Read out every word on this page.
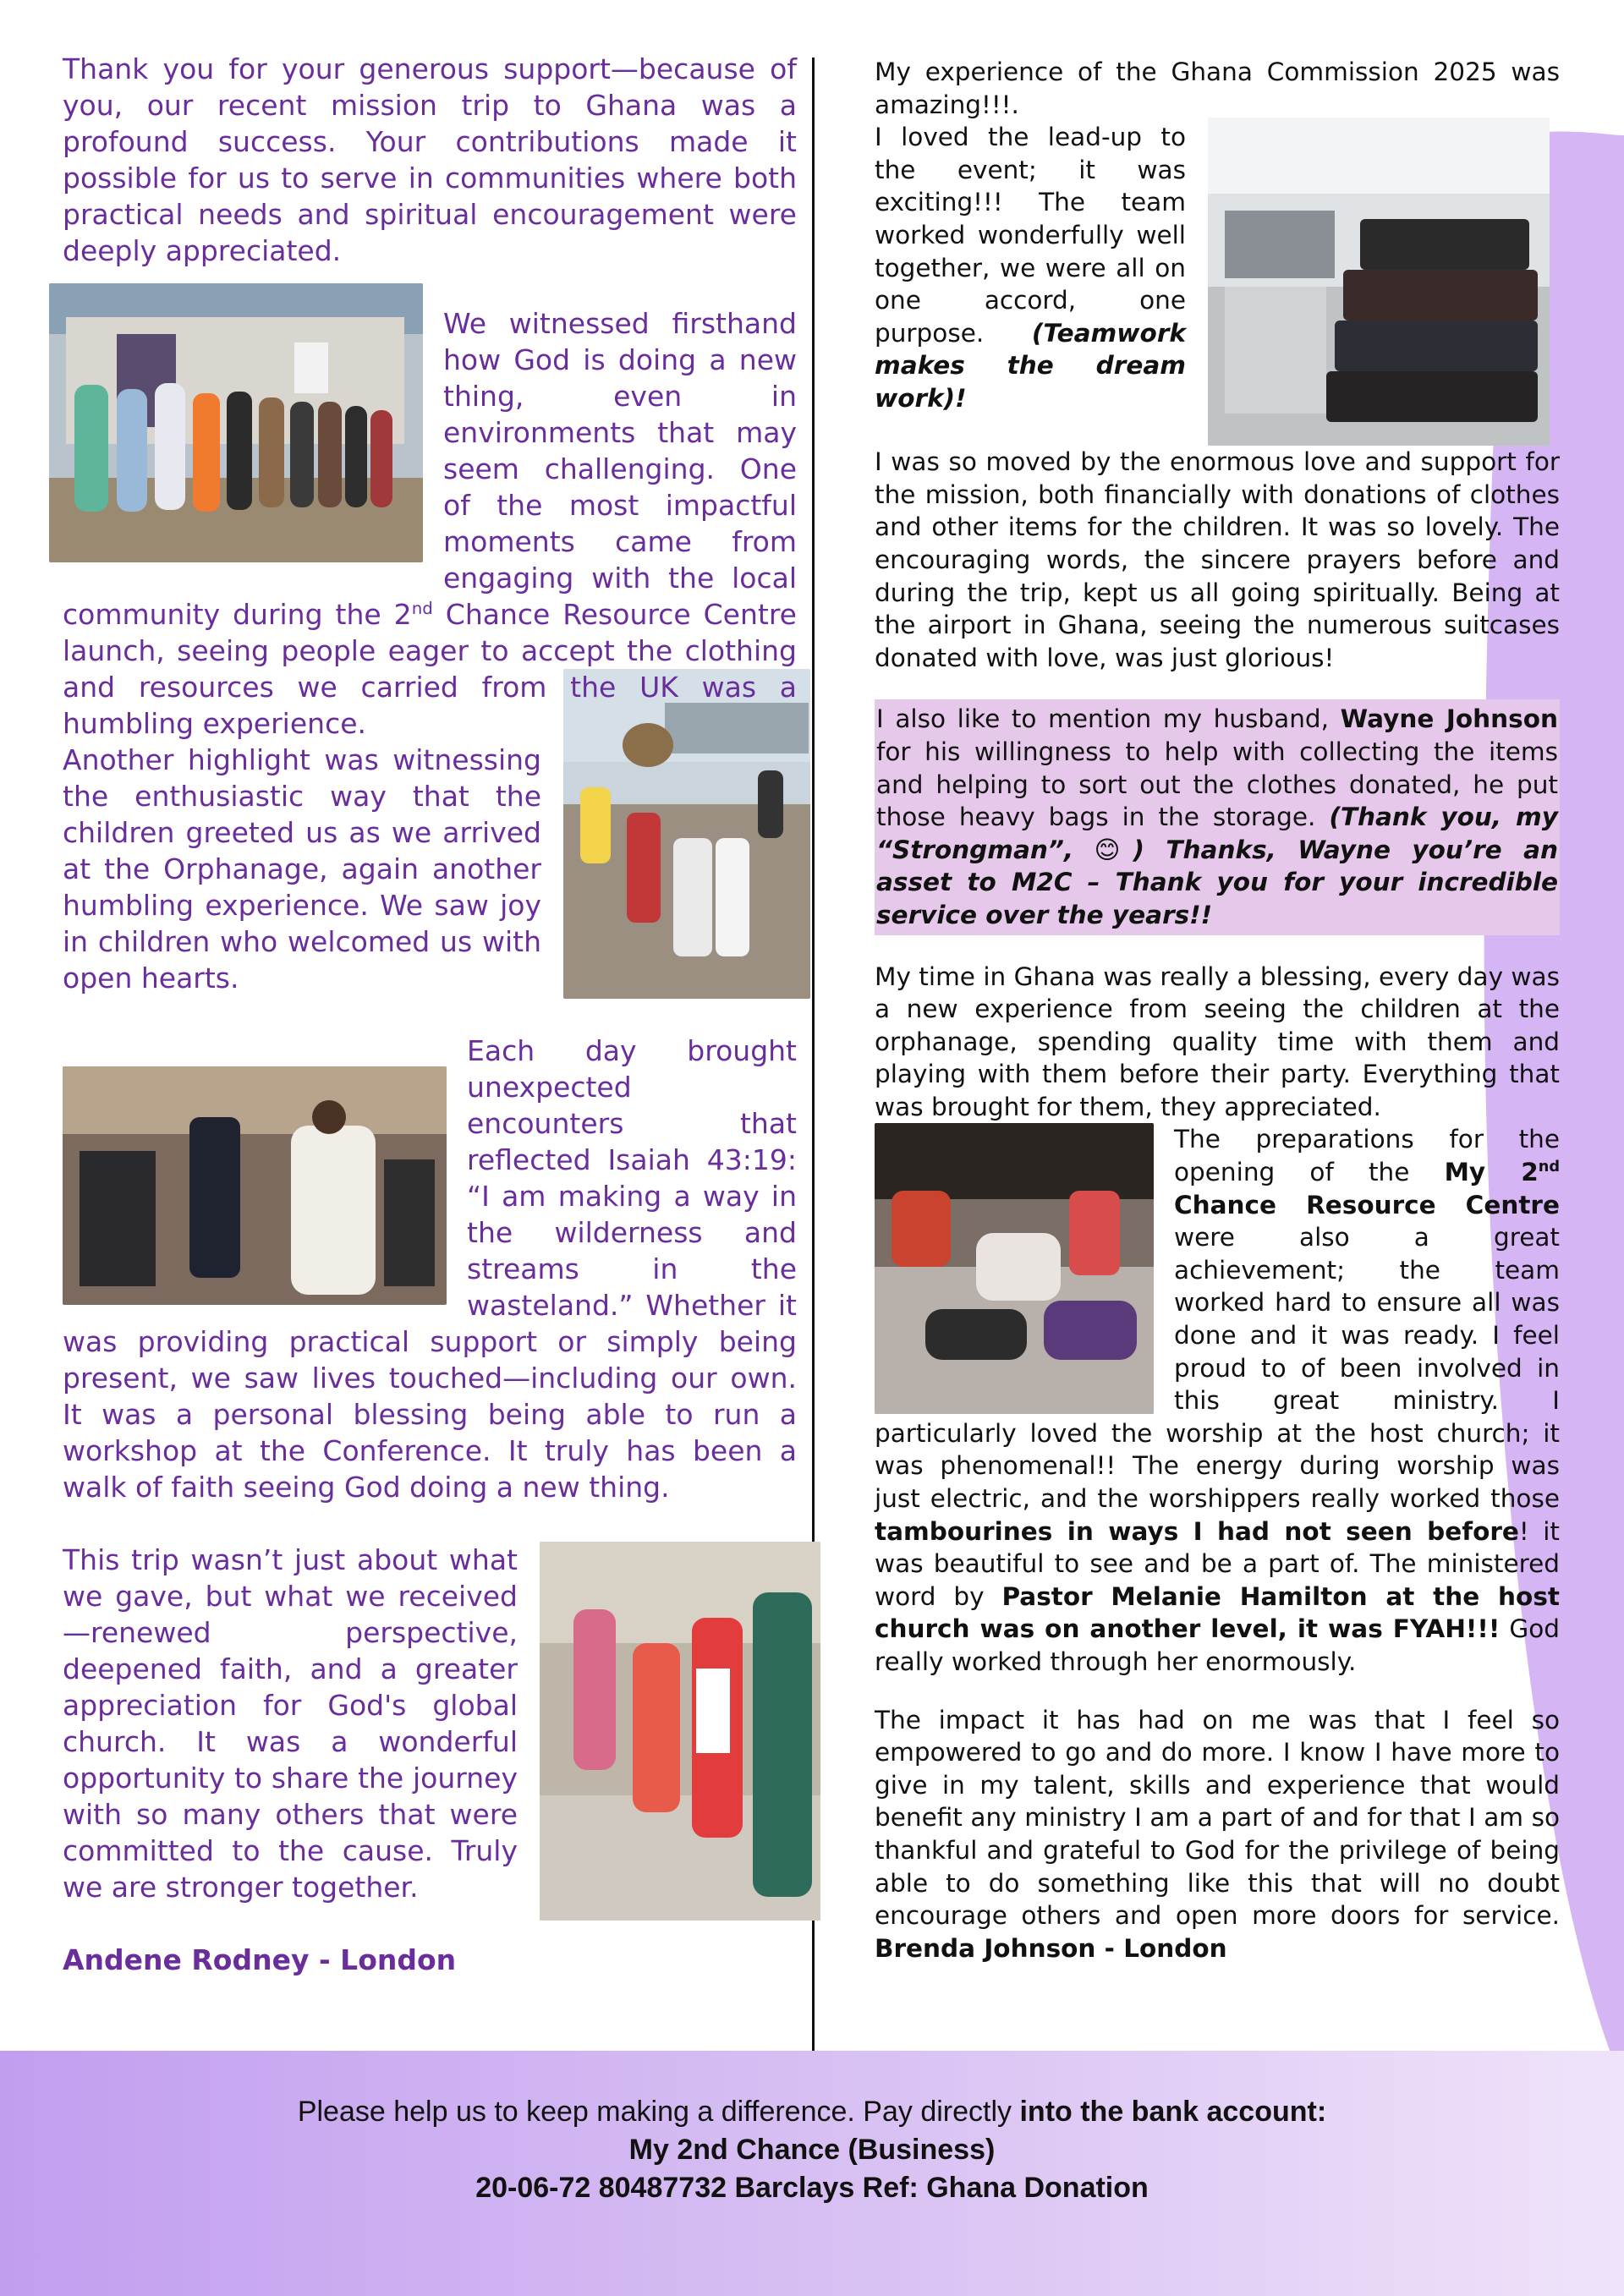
Thank you for your generous support—because of you, our recent mission trip to Ghana was a profound success. Your contributions made it possible for us to serve in communities where both practical needs and spiritual encouragement were deeply appreciated.

We witnessed firsthand how God is doing a new thing, even in environments that may seem challenging. One of the most impactful moments came from engaging with the local community during the 2nd Chance Resource Centre launch, seeing people eager to accept the clothing and resources we carried from the UK was a humbling experience.

Another highlight was witnessing the enthusiastic way that the children greeted us as we arrived at the Orphanage, again another humbling experience. We saw joy in children who welcomed us with open hearts.

Each day brought unexpected encounters that reflected Isaiah 43:19: “I am making a way in the wilderness and streams in the wasteland.” Whether it was providing practical support or simply being present, we saw lives touched—including our own. It was a personal blessing being able to run a workshop at the Conference. It truly has been a walk of faith seeing God doing a new thing.

This trip wasn’t just about what we gave, but what we received—renewed perspective, deepened faith, and a greater appreciation for God's global church. It was a wonderful opportunity to share the journey with so many others that were committed to the cause. Truly we are stronger together.

Andene Rodney - London

My experience of the Ghana Commission 2025 was amazing!!!.

I loved the lead-up to the event; it was exciting!!! The team worked wonderfully well together, we were all on one accord, one purpose. (Teamwork makes the dream work)!

I was so moved by the enormous love and support for the mission, both financially with donations of clothes and other items for the children. It was so lovely. The encouraging words, the sincere prayers before and during the trip, kept us all going spiritually. Being at the airport in Ghana, seeing the numerous suitcases donated with love, was just glorious!

I also like to mention my husband, Wayne Johnson for his willingness to help with collecting the items and helping to sort out the clothes donated, he put those heavy bags in the storage. (Thank you, my “Strongman”, 😊) Thanks, Wayne you’re an asset to M2C – Thank you for your incredible service over the years!!

My time in Ghana was really a blessing, every day was a new experience from seeing the children at the orphanage, spending quality time with them and playing with them before their party. Everything that was brought for them, they appreciated.

The preparations for the opening of the My 2nd Chance Resource Centre were also a great achievement; the team worked hard to ensure all was done and it was ready. I feel proud to of been involved in this great ministry. I particularly loved the worship at the host church; it was phenomenal!! The energy during worship was just electric, and the worshippers really worked those tambourines in ways I had not seen before! it was beautiful to see and be a part of. The ministered word by Pastor Melanie Hamilton at the host church was on another level, it was FYAH!!! God really worked through her enormously.

The impact it has had on me was that I feel so empowered to go and do more. I know I have more to give in my talent, skills and experience that would benefit any ministry I am a part of and for that I am so thankful and grateful to God for the privilege of being able to do something like this that will no doubt encourage others and open more doors for service. Brenda Johnson - London

Please help us to keep making a difference. Pay directly into the bank account:
My 2nd Chance (Business)
20-06-72 80487732 Barclays Ref: Ghana Donation
